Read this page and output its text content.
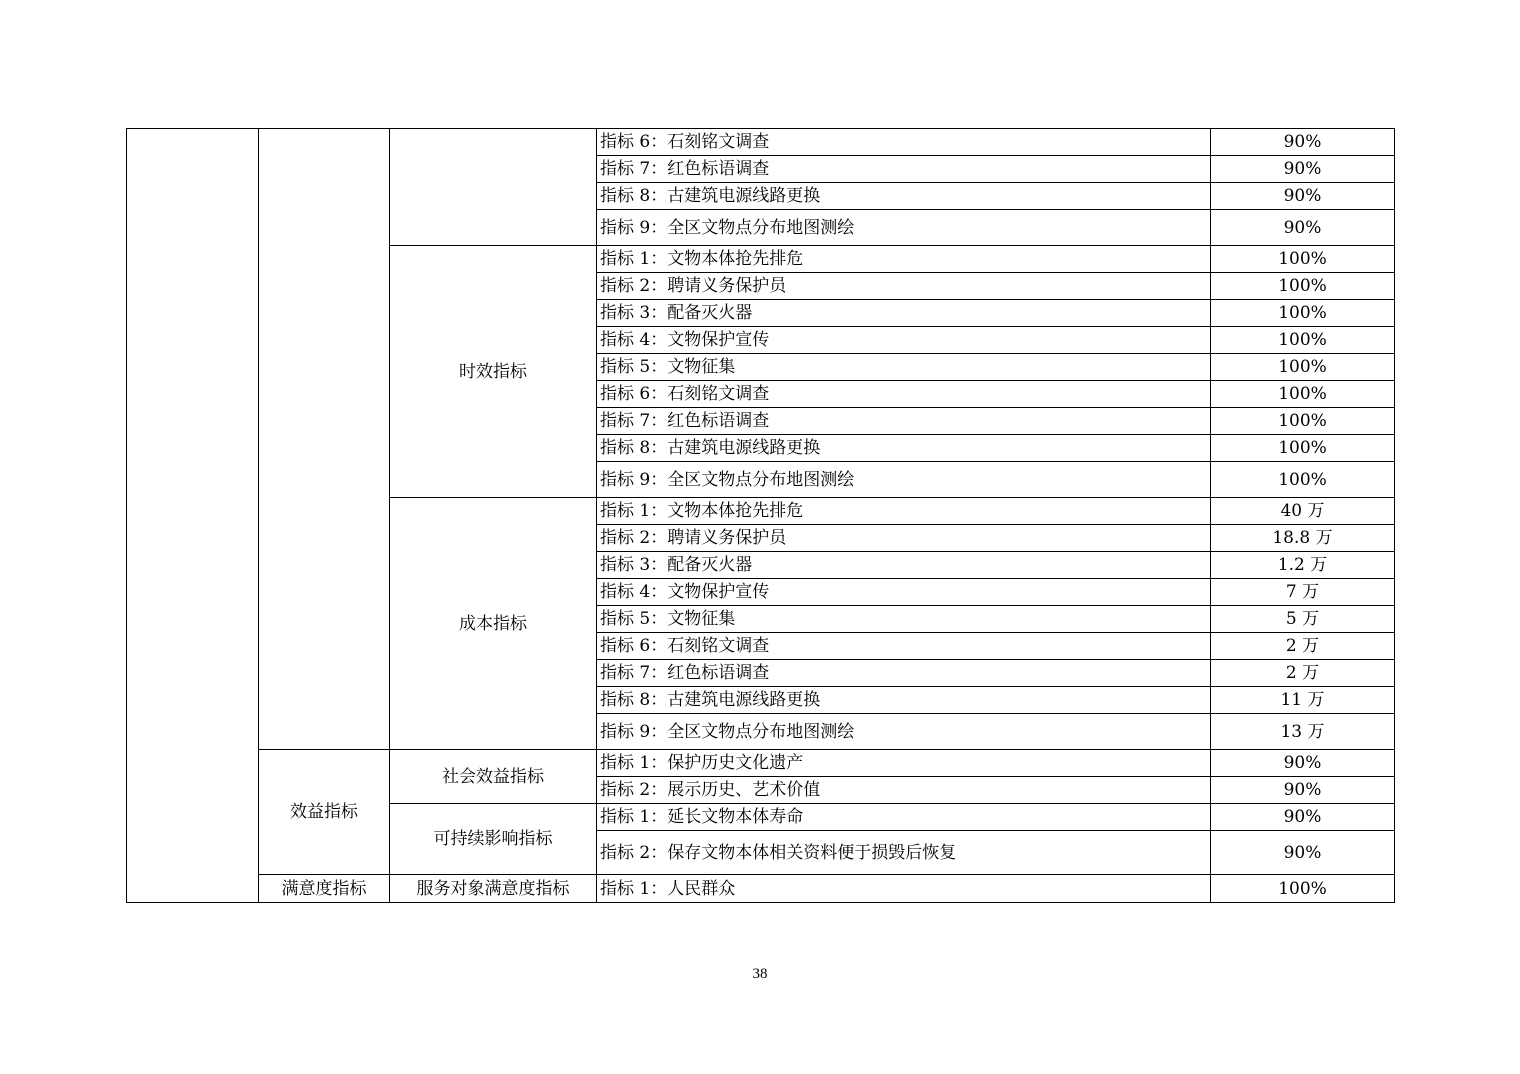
			指标 6：石刻铭文调查	90%
			指标 7：红色标语调查	90%
			指标 8：古建筑电源线路更换	90%
			指标 9：全区文物点分布地图测绘	90%
		时效指标	指标 1：文物本体抢先排危	100%
			指标 2：聘请义务保护员	100%
			指标 3：配备灭火器	100%
			指标 4：文物保护宣传	100%
			指标 5：文物征集	100%
			指标 6：石刻铭文调查	100%
			指标 7：红色标语调查	100%
			指标 8：古建筑电源线路更换	100%
			指标 9：全区文物点分布地图测绘	100%
		成本指标	指标 1：文物本体抢先排危	40 万
			指标 2：聘请义务保护员	18.8 万
			指标 3：配备灭火器	1.2 万
			指标 4：文物保护宣传	7 万
			指标 5：文物征集	5 万
			指标 6：石刻铭文调查	2 万
			指标 7：红色标语调查	2 万
			指标 8：古建筑电源线路更换	11 万
			指标 9：全区文物点分布地图测绘	13 万
	效益指标	社会效益指标	指标 1：保护历史文化遗产	90%
			指标 2：展示历史、艺术价值	90%
		可持续影响指标	指标 1：延长文物本体寿命	90%
			指标 2：保存文物本体相关资料便于损毁后恢复	90%
	满意度指标	服务对象满意度指标	指标 1：人民群众	100%
38
